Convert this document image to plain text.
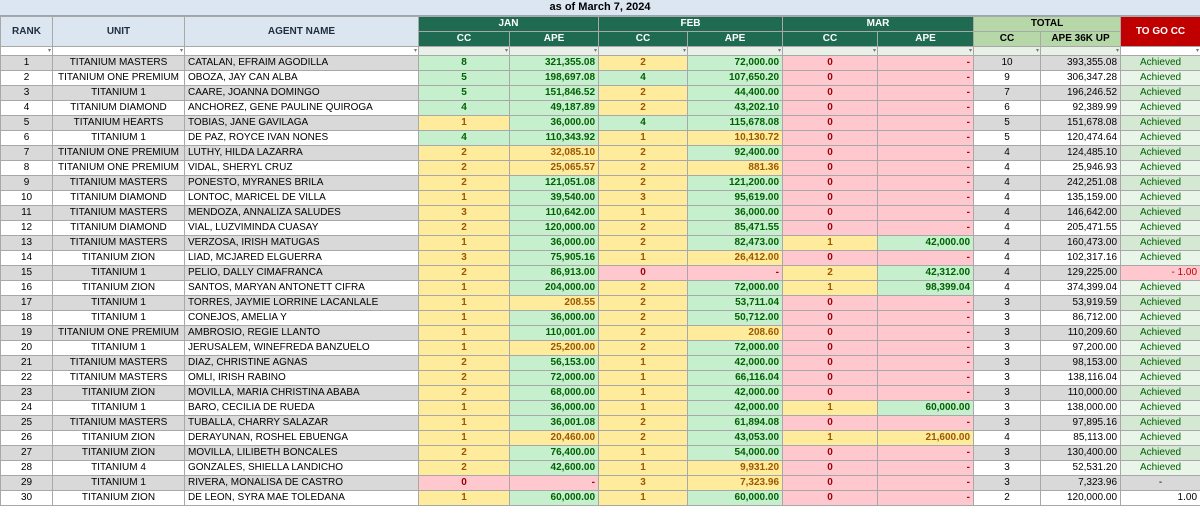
as of March 7, 2024
RANK	UNIT	AGENT NAME	JAN		FEB		MAR		TOTAL		TO GO CC
			CC	APE	CC	APE	CC	APE	CC	APE 36K UP	
▾	▾	▾	▾	▾	▾	▾	▾	▾	▾	▾	▾
1	TITANIUM MASTERS	CATALAN, EFRAIM AGODILLA	8	321,355.08	2	72,000.00	0	-	10	393,355.08	Achieved
2	TITANIUM ONE PREMIUM	OBOZA, JAY CAN ALBA	5	198,697.08	4	107,650.20	0	-	9	306,347.28	Achieved
3	TITANIUM 1	CAARE, JOANNA DOMINGO	5	151,846.52	2	44,400.00	0	-	7	196,246.52	Achieved
4	TITANIUM DIAMOND	ANCHOREZ, GENE PAULINE QUIROGA	4	49,187.89	2	43,202.10	0	-	6	92,389.99	Achieved
5	TITANIUM HEARTS	TOBIAS, JANE GAVILAGA	1	36,000.00	4	115,678.08	0	-	5	151,678.08	Achieved
6	TITANIUM 1	DE PAZ, ROYCE IVAN NONES	4	110,343.92	1	10,130.72	0	-	5	120,474.64	Achieved
7	TITANIUM ONE PREMIUM	LUTHY, HILDA LAZARRA	2	32,085.10	2	92,400.00	0	-	4	124,485.10	Achieved
8	TITANIUM ONE PREMIUM	VIDAL, SHERYL CRUZ	2	25,065.57	2	881.36	0	-	4	25,946.93	Achieved
9	TITANIUM MASTERS	PONESTO, MYRANES BRILA	2	121,051.08	2	121,200.00	0	-	4	242,251.08	Achieved
10	TITANIUM DIAMOND	LONTOC, MARICEL DE VILLA	1	39,540.00	3	95,619.00	0	-	4	135,159.00	Achieved
11	TITANIUM MASTERS	MENDOZA, ANNALIZA SALUDES	3	110,642.00	1	36,000.00	0	-	4	146,642.00	Achieved
12	TITANIUM DIAMOND	VIAL, LUZVIMINDA CUASAY	2	120,000.00	2	85,471.55	0	-	4	205,471.55	Achieved
13	TITANIUM MASTERS	VERZOSA, IRISH MATUGAS	1	36,000.00	2	82,473.00	1	42,000.00	4	160,473.00	Achieved
14	TITANIUM ZION	LIAD, MCJARED ELGUERRA	3	75,905.16	1	26,412.00	0	-	4	102,317.16	Achieved
15	TITANIUM 1	PELIO, DALLY CIMAFRANCA	2	86,913.00	0	-	2	42,312.00	4	129,225.00	- 1.00
16	TITANIUM ZION	SANTOS, MARYAN ANTONETT CIFRA	1	204,000.00	2	72,000.00	1	98,399.04	4	374,399.04	Achieved
17	TITANIUM 1	TORRES, JAYMIE LORRINE LACANLALE	1	208.55	2	53,711.04	0	-	3	53,919.59	Achieved
18	TITANIUM 1	CONEJOS, AMELIA Y	1	36,000.00	2	50,712.00	0	-	3	86,712.00	Achieved
19	TITANIUM ONE PREMIUM	AMBROSIO, REGIE LLANTO	1	110,001.00	2	208.60	0	-	3	110,209.60	Achieved
20	TITANIUM 1	JERUSALEM, WINEFREDA BANZUELO	1	25,200.00	2	72,000.00	0	-	3	97,200.00	Achieved
21	TITANIUM MASTERS	DIAZ, CHRISTINE AGNAS	2	56,153.00	1	42,000.00	0	-	3	98,153.00	Achieved
22	TITANIUM MASTERS	OMLI, IRISH RABINO	2	72,000.00	1	66,116.04	0	-	3	138,116.04	Achieved
23	TITANIUM ZION	MOVILLA, MARIA CHRISTINA ABABA	2	68,000.00	1	42,000.00	0	-	3	110,000.00	Achieved
24	TITANIUM 1	BARO, CECILIA DE RUEDA	1	36,000.00	1	42,000.00	1	60,000.00	3	138,000.00	Achieved
25	TITANIUM MASTERS	TUBALLA, CHARRY SALAZAR	1	36,001.08	2	61,894.08	0	-	3	97,895.16	Achieved
26	TITANIUM ZION	DERAYUNAN, ROSHEL EBUENGA	1	20,460.00	2	43,053.00	1	21,600.00	4	85,113.00	Achieved
27	TITANIUM ZION	MOVILLA, LILIBETH BONCALES	2	76,400.00	1	54,000.00	0	-	3	130,400.00	Achieved
28	TITANIUM 4	GONZALES, SHIELLA LANDICHO	2	42,600.00	1	9,931.20	0	-	3	52,531.20	Achieved
29	TITANIUM 1	RIVERA, MONALISA DE CASTRO	0	-	3	7,323.96	0	-	3	7,323.96	-
30	TITANIUM ZION	DE LEON, SYRA MAE TOLEDANA	1	60,000.00	1	60,000.00	0	-	2	120,000.00	1.00
